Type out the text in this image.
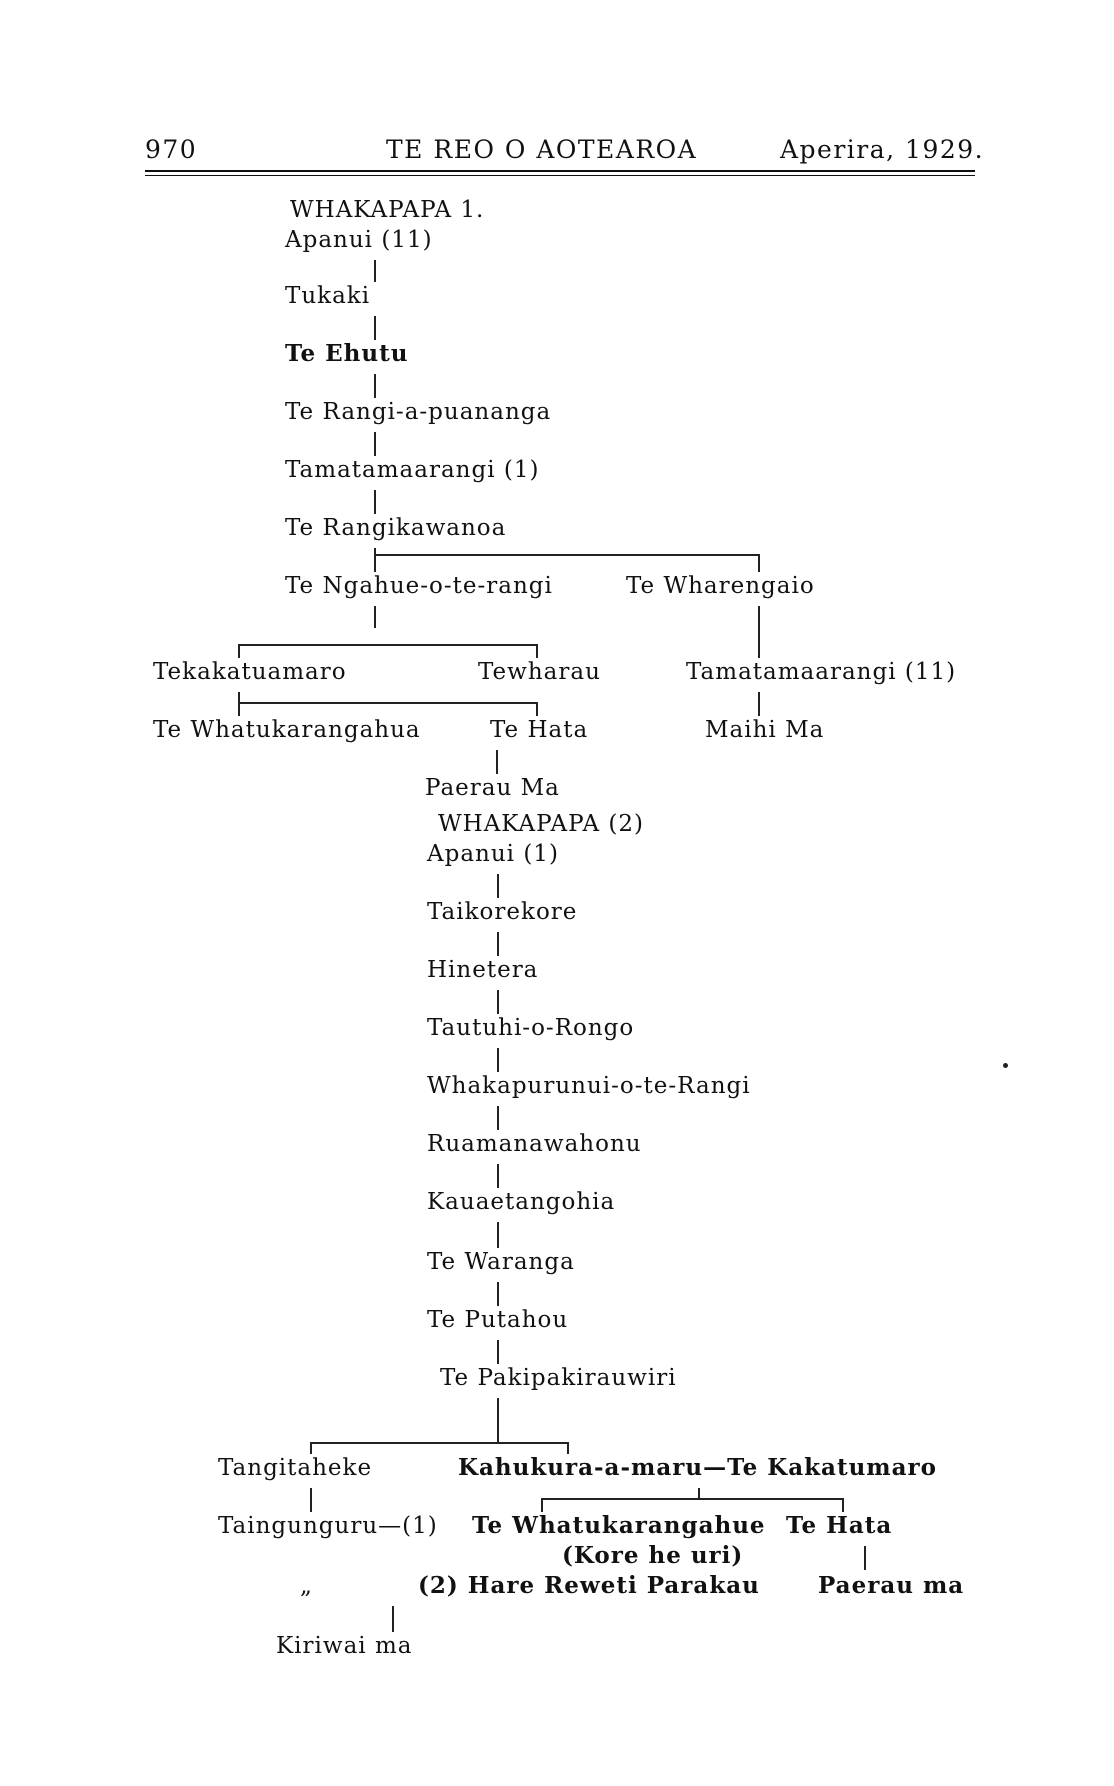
970	TE REO O AOTEAROA	Aperira, 1929.
WHAKAPAPA 1.
Apanui (11)
Tukaki
Te Ehutu
Te Rangi-a-puananga
Tamatamaarangi (1)
Te Rangikawanoa
Te Ngahue-o-te-rangi	Te Wharengaio
Tekakatuamaro	Tewharau	Tamatamaarangi (11)
Te Whatukarangahua	Te Hata	Maihi Ma
Paerau Ma
WHAKAPAPA (2)
Apanui (1)
Taikorekore
Hinetera
Tautuhi-o-Rongo
Whakapurunui-o-te-Rangi
Ruamanawahonu
Kauaetangohia
Te Waranga
Te Putahou
Te Pakipakirauwiri
Tangitaheke	Kahukura-a-maru—Te Kakatumaro
Taingunguru—(1) Te Whatukarangahue Te Hata
(Kore he uri)
„	(2) Hare Reweti Parakau	Paerau ma
Kiriwai ma
